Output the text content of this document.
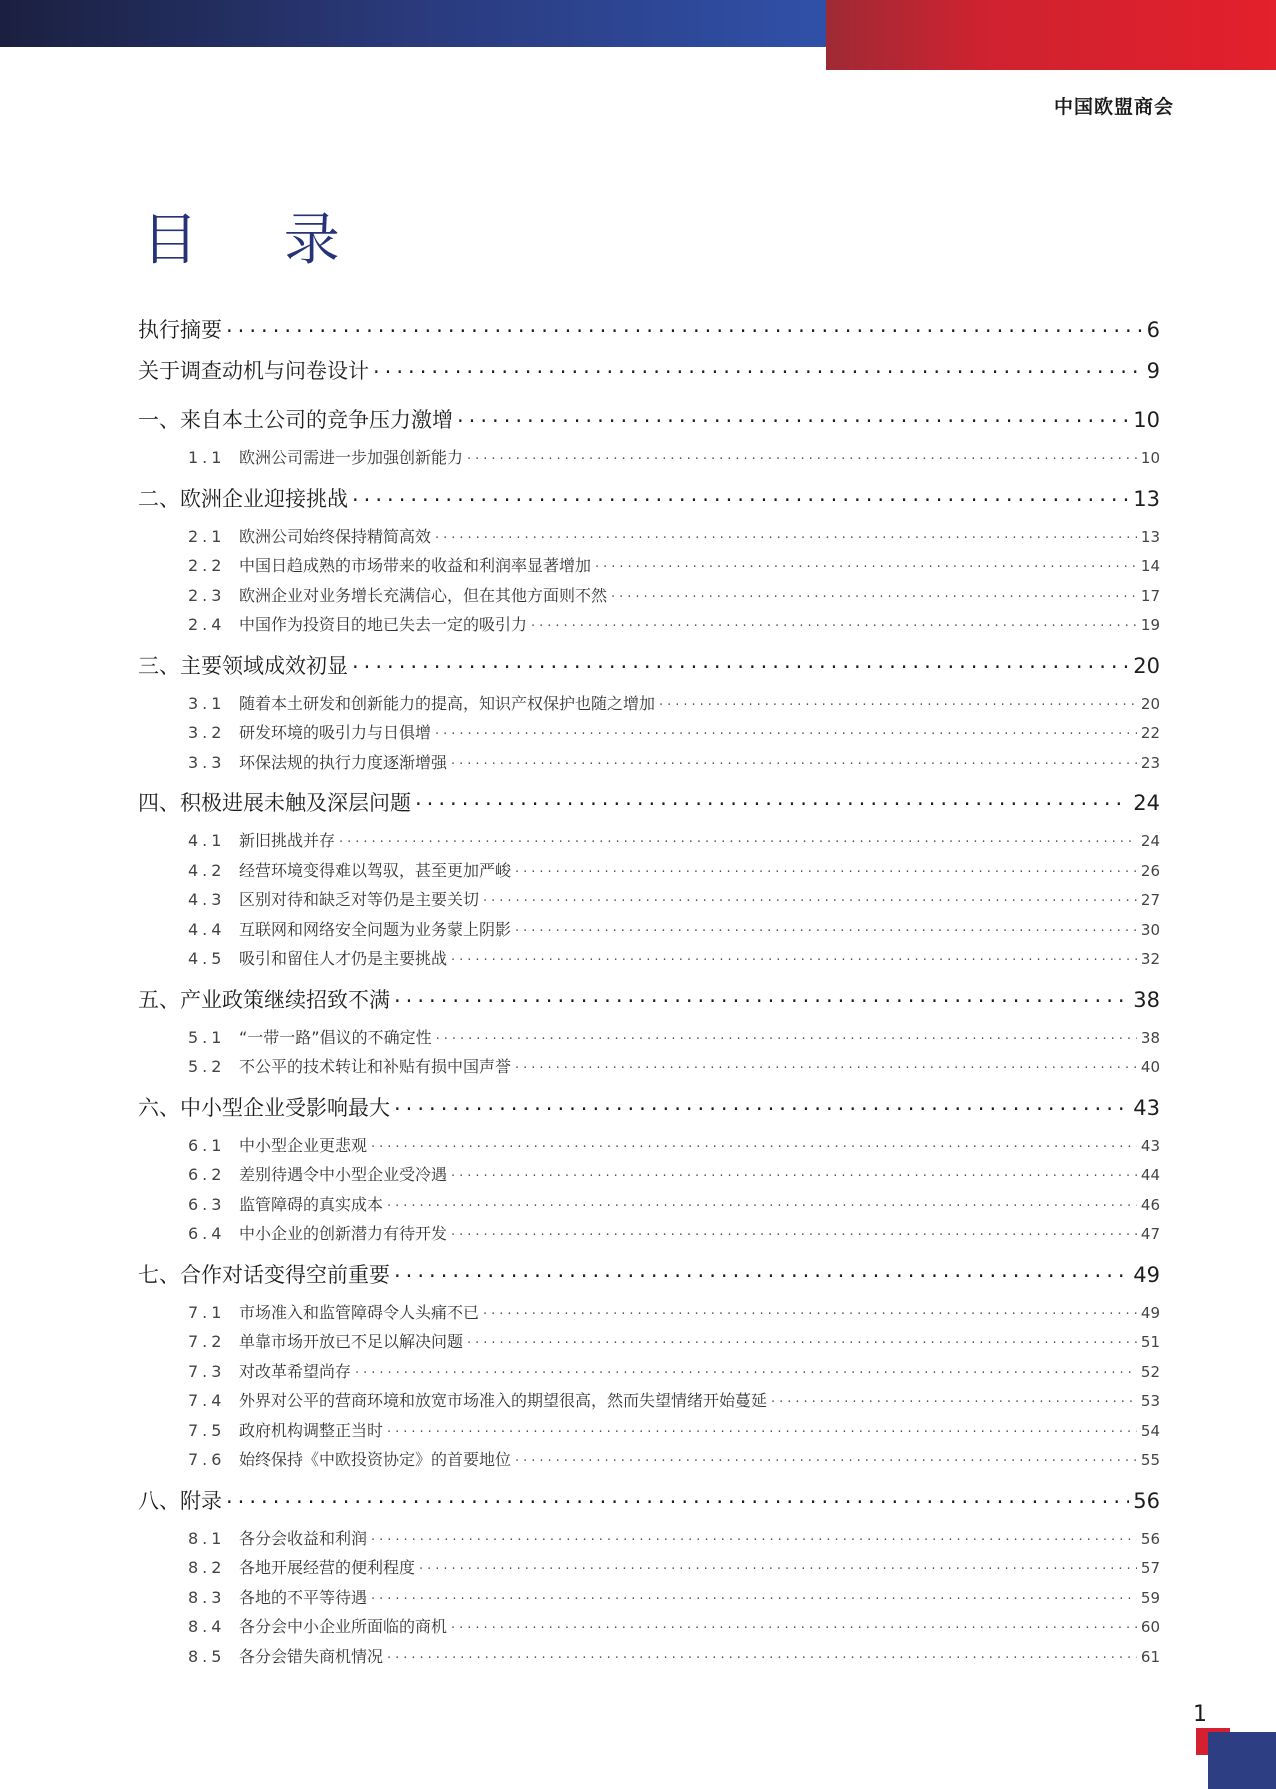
中国欧盟商会
目 录
执行摘要 .....	6
关于调查动机与问卷设计 .....	9
一、来自本土公司的竞争压力激增 .....	10
1.1 欧洲公司需进一步加强创新能力 .....	10
二、欧洲企业迎接挑战 .....	13
2.1 欧洲公司始终保持精简高效 .....	13
2.2 中国日趋成熟的市场带来的收益和利润率显著增加 .....	14
2.3 欧洲企业对业务增长充满信心，但在其他方面则不然 .....	17
2.4 中国作为投资目的地已失去一定的吸引力 .....	19
三、主要领域成效初显 .....	20
3.1 随着本土研发和创新能力的提高，知识产权保护也随之增加 .....	20
3.2 研发环境的吸引力与日俱增 .....	22
3.3 环保法规的执行力度逐渐增强 .....	23
四、积极进展未触及深层问题 .....	24
4.1 新旧挑战并存 .....	24
4.2 经营环境变得难以驾驭，甚至更加严峻 .....	26
4.3 区别对待和缺乏对等仍是主要关切 .....	27
4.4 互联网和网络安全问题为业务蒙上阴影 .....	30
4.5 吸引和留住人才仍是主要挑战 .....	32
五、产业政策继续招致不满 .....	38
5.1 “一带一路”倡议的不确定性 .....	38
5.2 不公平的技术转让和补贴有损中国声誉 .....	40
六、中小型企业受影响最大 .....	43
6.1 中小型企业更悲观 .....	43
6.2 差别待遇令中小型企业受冷遇 .....	44
6.3 监管障碍的真实成本 .....	46
6.4 中小企业的创新潜力有待开发 .....	47
七、合作对话变得空前重要 .....	49
7.1 市场准入和监管障碍令人头痛不已 .....	49
7.2 单靠市场开放已不足以解决问题 .....	51
7.3 对改革希望尚存 .....	52
7.4 外界对公平的营商环境和放宽市场准入的期望很高，然而失望情绪开始蔓延 .....	53
7.5 政府机构调整正当时 .....	54
7.6 始终保持《中欧投资协定》的首要地位 .....	55
八、附录 .....	56
8.1 各分会收益和利润 .....	56
8.2 各地开展经营的便利程度 .....	57
8.3 各地的不平等待遇 .....	59
8.4 各分会中小企业所面临的商机 .....	60
8.5 各分会错失商机情况 .....	61
1
